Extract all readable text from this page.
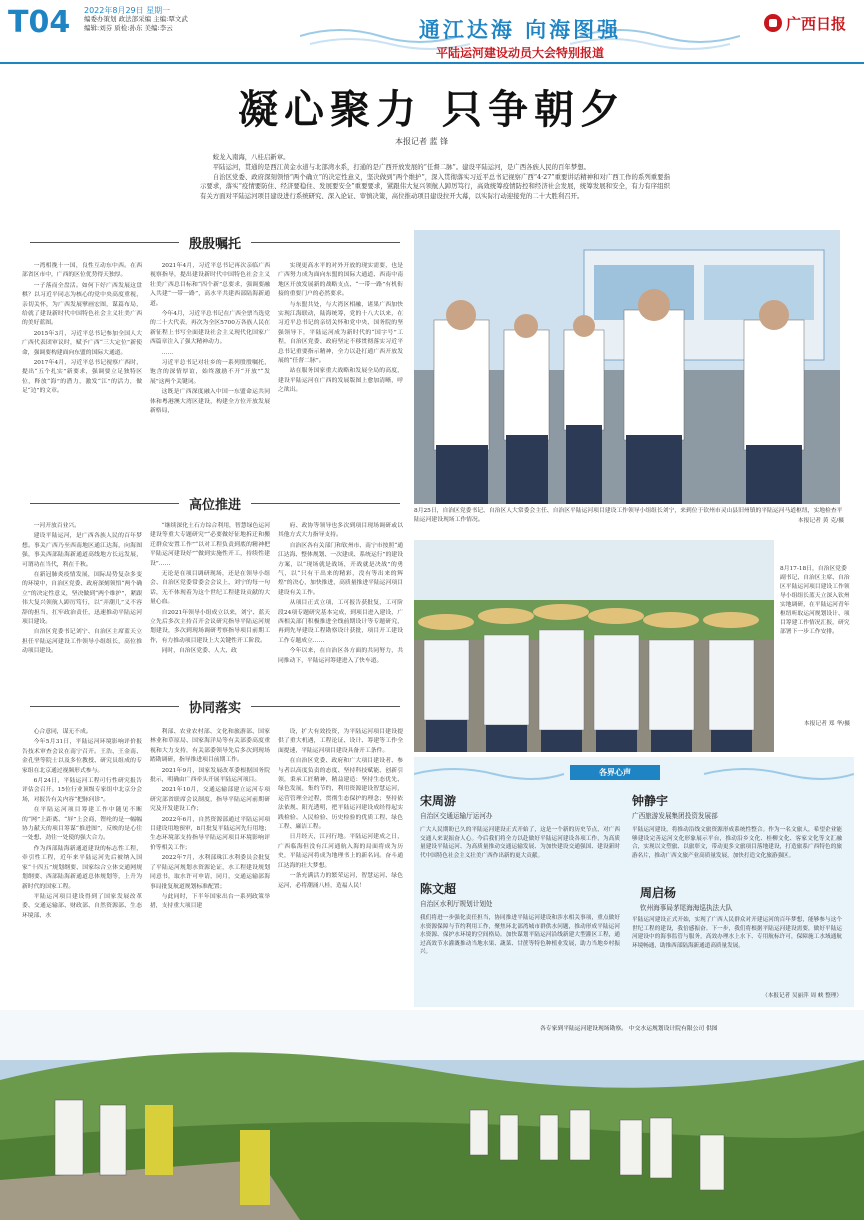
T04	2022年8月29日 星期一
编委办策划 政法部采编 主编:覃文武
编辑:刘芬 质检:孙东 美编:李云	通江达海 向海图强
平陆运河建设动员大会特别报道
广西日报
凝心聚力 只争朝夕
本报记者 蓝 锋

蛟龙入南海，八桂启新章。

平陆运河，贯通的是西江黄金水道与北部湾水系，打通的是广西开放发展的“任督二脉”。建设平陆运河，是广西各族人民的百年梦想。

自治区党委、政府深刻领悟“两个确立”的决定性意义，坚决做到“两个维护”，深入贯彻落实习近平总书记视察广西“4·27”重要讲话精神和对广西工作的系列重要指示要求，落实“疫情要防住、经济要稳住、发展要安全”重要要求，紧跟伟大复兴领航人踔厉笃行，高效统筹疫情防控和经济社会发展，统筹发展和安全，有力有序组织有关方面对平陆运河项目建设进行系统研究、深入论证、审慎决策，高位推动项目建设拉开大幕，以实际行动迎接党的二十大胜利召开。

殷殷嘱托

一湾相挽十一国，良性互动东中西。在西部省区市中，广西的区位优势得天独厚。

一子落而全盘活。如何下好广西发展这盘棋？以习近平同志为核心的党中央高度重视，亲切关怀，为广西发展擘画宏图，谋篇布局，给就了建设新时代中国特色社会主义壮美广西的美好蓝图。

2015年3月，习近平总书记参加全国人大广西代表团审议时，赋予广西“三大定位”新使命，强调要构建面向东盟的国际大通道。

2017年4月，习近平总书记视察广西时，提出“五个扎实”新要求，强调要立足独特区位，释放“海”的潜力，激发“江”的活力，做足“边”的文章。

2021年4月，习近平总书记再次亲临广西视察指导，提出建设新时代中国特色社会主义壮美广西总目标和“四个新”总要求，强调要融入共建“一带一路”，高水平共建西部陆海新通道。

今年4月，习近平总书记在广西全票当选党的二十大代表，再次为全区5700万各族人民在新征程上书写全面建设社会主义现代化国家广西篇章注入了强大精神动力。

……

习近平总书记对壮乡的一系列殷殷嘱托，饱含的深情厚谊，始终激励不开“开放”“发展”这两个关键词。

这既是广西深度融入中国一东盟命运共同体和粤港澳大湾区建设，构建全方位开放发展新格局，

实现更高水平的对外开放的现实需要，也是广西努力成为面向东盟的国际大通道、西南中南地区开放发展新的战略支点、“一带一路”有机衔接的重要门户的必然要求。

与东盟共处，与大湾区相融，诸果广西加快实现江海联动，陆海统筹，党的十八大以来，在习近平总书记的亲切关怀和党中央、国务院的坚强领导下，平陆运河成为新时代的“国字号”工程，自治区党委、政府坚定不移贯彻落实习近平总书记重要指示精神，全力以赴打通广西开放发展的“任督二脉”。

站在服务国家重大战略和发展全局的高度，建设平陆运河在广西的发展版图上愈加清晰，呼之欲出。

高位推进

一河开放百业兴。

建设平陆运河，是广西各族人民的百年梦想。事关广西乃至西南地区通江达海，向海图强，事关西部陆海新通道高线地方长远发展，可谓功在当代，利在千秋。

在新冠肺炎疫情发展，国际局势复杂多变的环境中，自治区党委、政府深刻领悟“两个确立”的决定性意义，坚决做到“两个维护”，紧跟伟大复兴领航人踔厉笃行，以“弄潮儿”义不容辞的担当，扛牢政治责任，迅速推动平陆运河项目建设。

自治区党委书记刘宁、自治区主席蓝天立担任平陆运河建设工作领导小组组长，高位推动项目建设。

“继续深化土石方综合利用，智慧绿色运河建设等重大专题研究”“必要做好征地拆迁和搬迁群众安置工作”“以对工程负责到底的精神把平陆运河建设好”“做到实施性开工，持续性建设”……

无论是在项目调研现场，还是在领导小组会、自治区党委常委会会议上，刘宁的每一句话，无不体现着为这个世纪工程建设贡献的大量心血。

自2021年领导小组成立以来，刘宁、蓝天立先后多次主持召开会议研究指导平陆运河规划建设，多次到现场调研考察指导项目前期工作，有力推动项目建设上大关键性开工阶段。

同时，自治区党委、人大、政

府、政协等领导也多次到项目现场调研或以其他方式大力指导支持。

自治区各有关部门和钦州市、南宁市按照“通江达海、整体规划、一次建成、系统运行”的建设方案，以“现场就是战场，开战就是决战”的勇气，以“只有干出来的精彩，没有等出来的辉煌”的决心，加快推进，高质量推进平陆运河项目建设有关工作。

从项目正式立项，工可报告获批复，工可阶段24项专题研究基本完成，到项目进入建设，广西相关部门积极推进全线前期设计等专题研究，再到先导建设工程勘察设计获批，项目开工建设工作专题成立……

今年以来，在自治区各方面的共同努力，共同推动下，平陆运河筹建进入了快车道。

协同落实

心合意同，谋无不成。

今年5月31日，平陆运河环境影响评价报告技术审查会议在南宁召开。王浩、王金南、金孔坚等院士以及多位教授、研究员组成的专家组在北京通过视频形式参与。

6月24日，平陆运河工程可行性研究报告评估会召开。15位行业顶级专家组中北京分会场，对报告有关内容“把脉问诊”。

在平陆运河项目筹建工作中随见不断的“网”上距离、“屏”上会商，铿纶的是一幅幅协力献天的项目筹谋“推进图”，反映的是心往一处想、劲往一处使的强大合力。

作为西部陆海新通道建设的标志性工程，牵引性工程，近年来平陆运河先后被纳入国家“十四五”规划纲要、国家综合立体交通网规划纲要、西部陆海新通道总体规划等，上升为新时代的国家工程。

平陆运河项目建设得到了国家发展改革委、交通运输部、财政部、自然资源部、生态环境部、水

利部、农业农村部、文化和旅游部、国家林业和草原局、国家海洋局等有关部委高度重视和大力支持，有关部委领导先后多次到现场踏勘调研，指导推进项目前期工作。

2021年9月，国家发展改革委根据国务院批示，明确由广西牵头开展平陆运河项目。

2021年10月，交通运输部建立运河专项研究部省联席会议制度，指导平陆运河前期研究及开发建设工作；

2022年6月，自然资源部通过平陆运河项目建设用地预审，8月批复平陆运河先行用地；生态环境部支持指导平陆运河项目环境影响评价等相关工作；

2022年7月，水利部珠江水利委员会批复了平陆运河规划水资源论证，水工程建设规划同意书，取水许可申请，同月，交通运输部海事局批复航道规划标准配置；

与此同时，下半年国家出台一系列政策举措，支持重大项目建

设，扩大有效投资，为平陆运河项目建设提供了重大机遇，工程论证、设计、筹建等工作全面提速，平陆运河项目建设具备开工条件。

在自治区党委、政府和广大项目建设者、参与者以高度负责的态度、坚持科技赋能、创新引领，秉承工匠精神，精益建造：坚持生态优先、绿色发展，集约节约，利用资源建设智慧运河，运营管理全过程，贯彻生态保护的理念；坚持依法依规、阳光透明，把平陆运河建设成经得起实践检验、人民检验、历史检验的优质工程、绿色工程、廉洁工程。

日月经天，江河行地。平陆运河建成之日，广西临海但没有江河通航入海的局面将成为历史，平陆运河将成为地理书上的新名词。奋斗通江达海的壮大梦想。

一条充满活力的繁荣运河，智慧运河、绿色运河，必将潮涌八桂，造福人民！

8月25日，自治区党委书记、自治区人大常委会主任、自治区平陆运河项目建设工作领导小组组长刘宁，来到位于钦州市灵山县旧州镇的平陆运河马道枢纽，实地检查平陆运河建设现场工作情况。	本报记者 黄 克/摄
8月17-18日，自治区党委副书记、自治区主席、自治区平陆运河项目建设工作领导小组组长蓝天立深入钦州实地调研，在平陆运河青年枢纽听取运河规划设计、项目筹建工作情况汇报，研究部署下一步工作安排。
本报记者 郑 华/摄
各界心声
宋周游
自治区交通运输厅运河办
广大人民期盼已久的平陆运河建设正式开始了，这是一个新的历史节点，对广西交通人来说振奋人心。今后我们将全力以赴做好平陆运河建设各项工作，为高质量建设平陆运河、为高质量推动交通运输发展、为加快建设交通强国、建设新时代中国特色社会主义壮美广西作出新的更大贡献。
陈文超
自治区水利厅规划计划处
我们将进一步强化责任担当，协同推进平陆运河建设和涉水相关事项，重点做好水资源保障与节约利用工作，聚焦环北部湾城市群供水问题，推动形成平陆运河水资源、保护水环境的空间格局。加快谋划平陆运河沿线新建大型灌区工程，通过高效节水灌溉推动当地水果、蔬菜、甘蔗等特色种植业发展，助力当地乡村振兴。
钟静宇
广西旅游发展集团投资发展部
平陆运河建设，将推动沿线文旅资源形成系统性整合。作为一名文旅人，希望企业能够建设完善运河文化形象展示平台，推动沿乡文化、桂柳文化、客家文化等文汇融合，实现以文塑旅、以旅彰文，带动更多文旅项目落地建设，打造旅系广西特色的旅游名片，推动广西文旅产业高质量发展，加快打造文化旅游强区。
周启杨
钦州海事局茅尾海海巡执法大队
平陆运河建设正式开始，实现了广西人民群众对开建运河的百年梦想，能够参与这个世纪工程的建设，我倍感振奋。下一步，我们将根据平陆运河建设需要，做好平陆运河建设中的海事监管与服务，高效办理水上水下、专用航标许可，保障施工水域通航环境畅通，助推西部陆海新通道高质量发展。
（本报记者 吴丽萍 周 峡 整理）
各专家到平陆运河建设现场勘察。 中交水运规划设计院有限公司 供图
